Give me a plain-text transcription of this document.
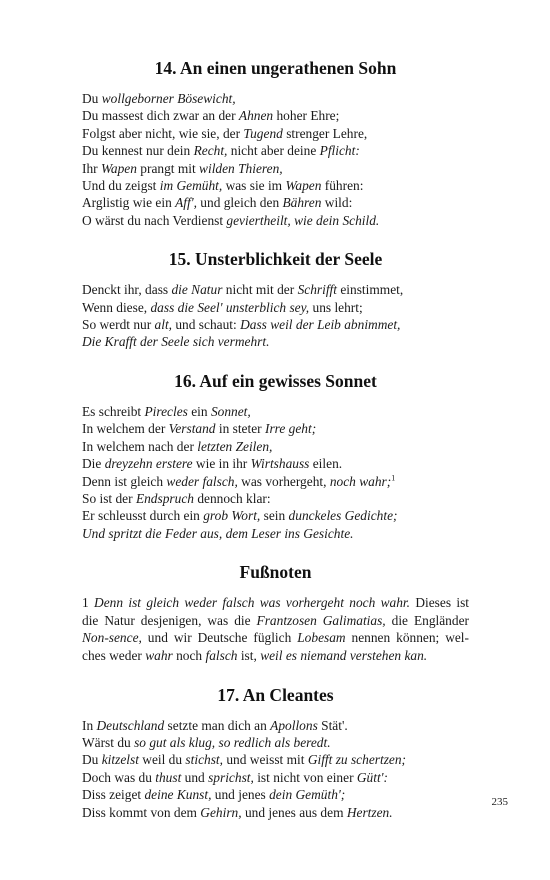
14. An einen ungerathenen Sohn
Du wollgeborner Bösewicht,
Du massest dich zwar an der Ahnen hoher Ehre;
Folgst aber nicht, wie sie, der Tugend strenger Lehre,
Du kennest nur dein Recht, nicht aber deine Pflicht:
Ihr Wapen prangt mit wilden Thieren,
Und du zeigst im Gemüht, was sie im Wapen führen:
Arglistig wie ein Aff', und gleich den Bähren wild:
O wärst du nach Verdienst geviertheilt, wie dein Schild.
15. Unsterblichkeit der Seele
Denckt ihr, dass die Natur nicht mit der Schrifft einstimmet,
Wenn diese, dass die Seel' unsterblich sey, uns lehrt;
So werdt nur alt, und schaut: Dass weil der Leib abnimmet,
Die Krafft der Seele sich vermehrt.
16. Auf ein gewisses Sonnet
Es schreibt Pirecles ein Sonnet,
In welchem der Verstand in steter Irre geht;
In welchem nach der letzten Zeilen,
Die dreyzehn erstere wie in ihr Wirtshauss eilen.
Denn ist gleich weder falsch, was vorhergeht, noch wahr;$^1$
So ist der Endspruch dennoch klar:
Er schleusst durch ein grob Wort, sein dunckeles Gedichte;
Und spritzt die Feder aus, dem Leser ins Gesichte.
Fußnoten
1 Denn ist gleich weder falsch was vorhergeht noch wahr. Dieses ist
die Natur desjenigen, was die Frantzosen Galimatias, die Engländer
Non-sence, und wir Deutsche füglich Lobesam nennen können; wel-
ches weder wahr noch falsch ist, weil es niemand verstehen kan.
17. An Cleantes
In Deutschland setzte man dich an Apollons Stät'.
Wärst du so gut als klug, so redlich als beredt.
Du kitzelst weil du stichst, und weisst mit Gifft zu schertzen;
Doch was du thust und sprichst, ist nicht von einer Gütt':
Diss zeiget deine Kunst, und jenes dein Gemüth';
Diss kommt von dem Gehirn, und jenes aus dem Hertzen.
235
